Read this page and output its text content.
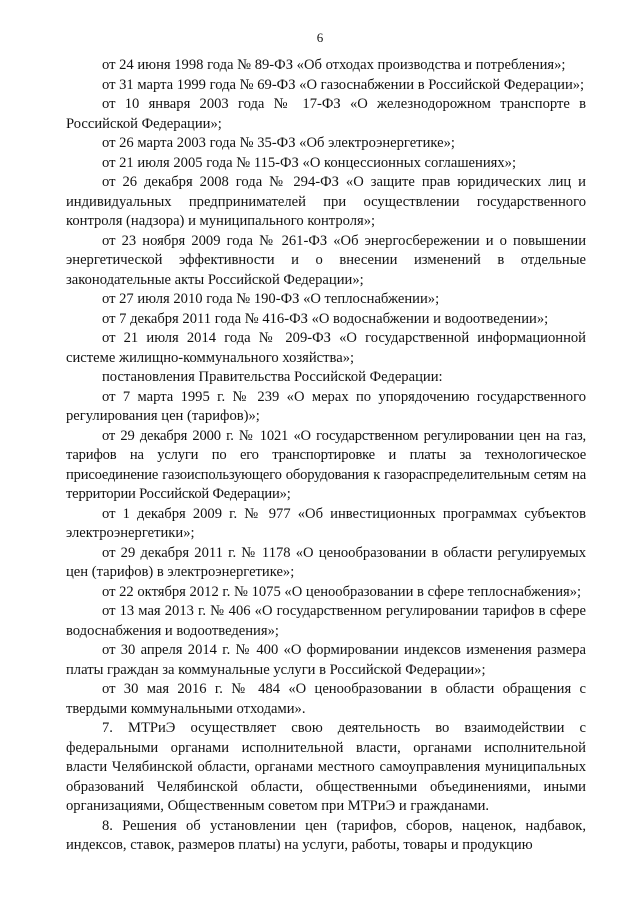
6

от 24 июня 1998 года № 89-ФЗ «Об отходах производства и потребления»;

от 31 марта 1999 года № 69-ФЗ «О газоснабжении в Российской Федерации»;

от 10 января 2003 года № 17-ФЗ «О железнодорожном транспорте в Российской Федерации»;

от 26 марта 2003 года № 35-ФЗ «Об электроэнергетике»;

от 21 июля 2005 года № 115-ФЗ «О концессионных соглашениях»;

от 26 декабря 2008 года № 294-ФЗ «О защите прав юридических лиц и индивидуальных предпринимателей при осуществлении государственного контроля (надзора) и муниципального контроля»;

от 23 ноября 2009 года № 261-ФЗ «Об энергосбережении и о повышении энергетической эффективности и о внесении изменений в отдельные законодательные акты Российской Федерации»;

от 27 июля 2010 года № 190-ФЗ «О теплоснабжении»;

от 7 декабря 2011 года № 416-ФЗ «О водоснабжении и водоотведении»;

от 21 июля 2014 года № 209-ФЗ «О государственной информационной системе жилищно-коммунального хозяйства»;

постановления Правительства Российской Федерации:

от 7 марта 1995 г. № 239 «О мерах по упорядочению государственного регулирования цен (тарифов)»;

от 29 декабря 2000 г. № 1021 «О государственном регулировании цен на газ, тарифов на услуги по его транспортировке и платы за технологическое присоединение газоиспользующего оборудования к газораспределительным сетям на территории Российской Федерации»;

от 1 декабря 2009 г. № 977 «Об инвестиционных программах субъектов электроэнергетики»;

от 29 декабря 2011 г. № 1178 «О ценообразовании в области регулируемых цен (тарифов) в электроэнергетике»;

от 22 октября 2012 г. № 1075 «О ценообразовании в сфере теплоснабжения»;

от 13 мая 2013 г. № 406 «О государственном регулировании тарифов в сфере водоснабжения и водоотведения»;

от 30 апреля 2014 г. № 400 «О формировании индексов изменения размера платы граждан за коммунальные услуги в Российской Федерации»;

от 30 мая 2016 г. № 484 «О ценообразовании в области обращения с твердыми коммунальными отходами».

7. МТРиЭ осуществляет свою деятельность во взаимодействии с федеральными органами исполнительной власти, органами исполнительной власти Челябинской области, органами местного самоуправления муниципальных образований Челябинской области, общественными объединениями, иными организациями, Общественным советом при МТРиЭ и гражданами.

8. Решения об установлении цен (тарифов, сборов, наценок, надбавок, индексов, ставок, размеров платы) на услуги, работы, товары и продукцию
